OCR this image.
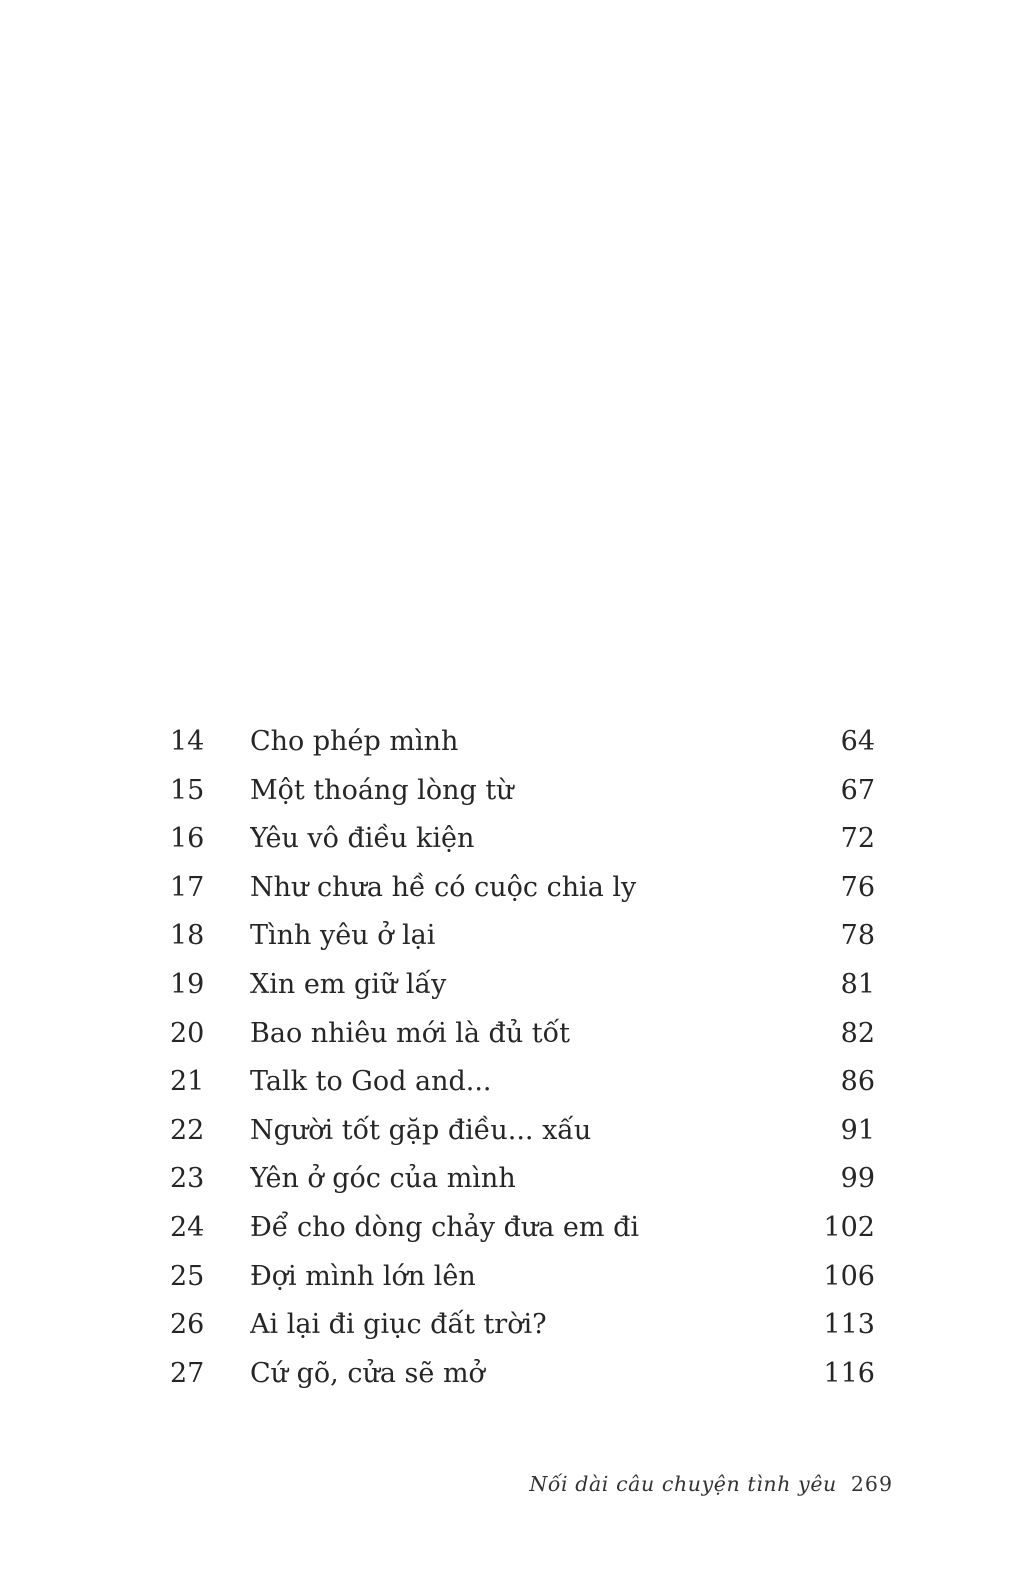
14	Cho phép mình	64
15	Một thoáng lòng từ	67
16	Yêu vô điều kiện	72
17	Như chưa hề có cuộc chia ly	76
18	Tình yêu ở lại	78
19	Xin em giữ lấy	81
20	Bao nhiêu mới là đủ tốt	82
21	Talk to God and...	86
22	Người tốt gặp điều... xấu	91
23	Yên ở góc của mình	99
24	Để cho dòng chảy đưa em đi	102
25	Đợi mình lớn lên	106
26	Ai lại đi giục đất trời?	113
27	Cứ gõ, cửa sẽ mở	116
Nối dài câu chuyện tình yêu 269
